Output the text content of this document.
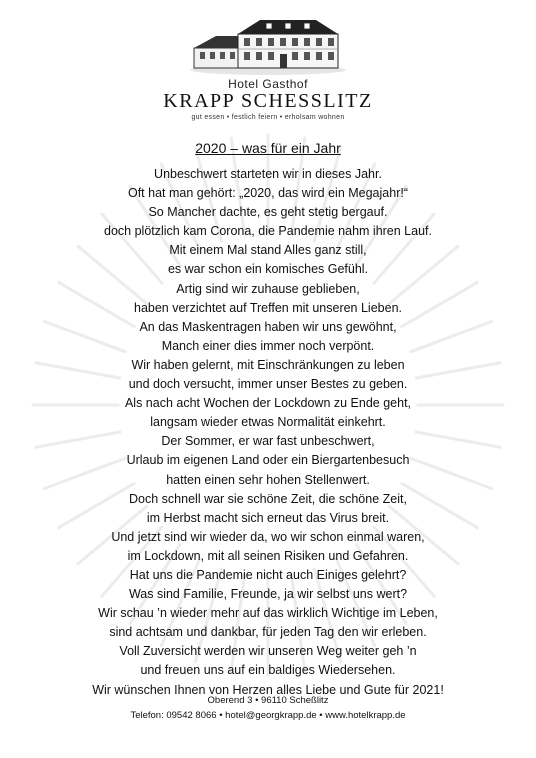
Hotel Gasthof
KRAPP SCHESSLITZ
gut essen • festlich feiern • erholsam wohnen
2020 – was für ein Jahr
Unbeschwert starteten wir in dieses Jahr.
Oft hat man gehört: „2020, das wird ein Megajahr!“
So Mancher dachte, es geht stetig bergauf.
doch plötzlich kam Corona, die Pandemie nahm ihren Lauf.
Mit einem Mal stand Alles ganz still,
es war schon ein komisches Gefühl.
Artig sind wir zuhause geblieben,
haben verzichtet auf Treffen mit unseren Lieben.
An das Maskentragen haben wir uns gewöhnt,
Manch einer dies immer noch verpönt.
Wir haben gelernt, mit Einschränkungen zu leben
und doch versucht, immer unser Bestes zu geben.
Als nach acht Wochen der Lockdown zu Ende geht,
langsam wieder etwas Normalität einkehrt.
Der Sommer, er war fast unbeschwert,
Urlaub im eigenen Land oder ein Biergartenbesuch
hatten einen sehr hohen Stellenwert.
Doch schnell war sie schöne Zeit, die schöne Zeit,
im Herbst macht sich erneut das Virus breit.
Und jetzt sind wir wieder da, wo wir schon einmal waren,
im Lockdown, mit all seinen Risiken und Gefahren.
Hat uns die Pandemie nicht auch Einiges gelehrt?
Was sind Familie, Freunde, ja wir selbst uns wert?
Wir schau ’n wieder mehr auf das wirklich Wichtige im Leben,
sind achtsam und dankbar, für jeden Tag den wir erleben.
Voll Zuversicht werden wir unseren Weg weiter geh ’n
und freuen uns auf ein baldiges Wiedersehen.
Wir wünschen Ihnen von Herzen alles Liebe und Gute für 2021!
Oberend 3 • 96110 Scheßlitz
Telefon: 09542 8066 • hotel@georgkrapp.de • www.hotelkrapp.de
